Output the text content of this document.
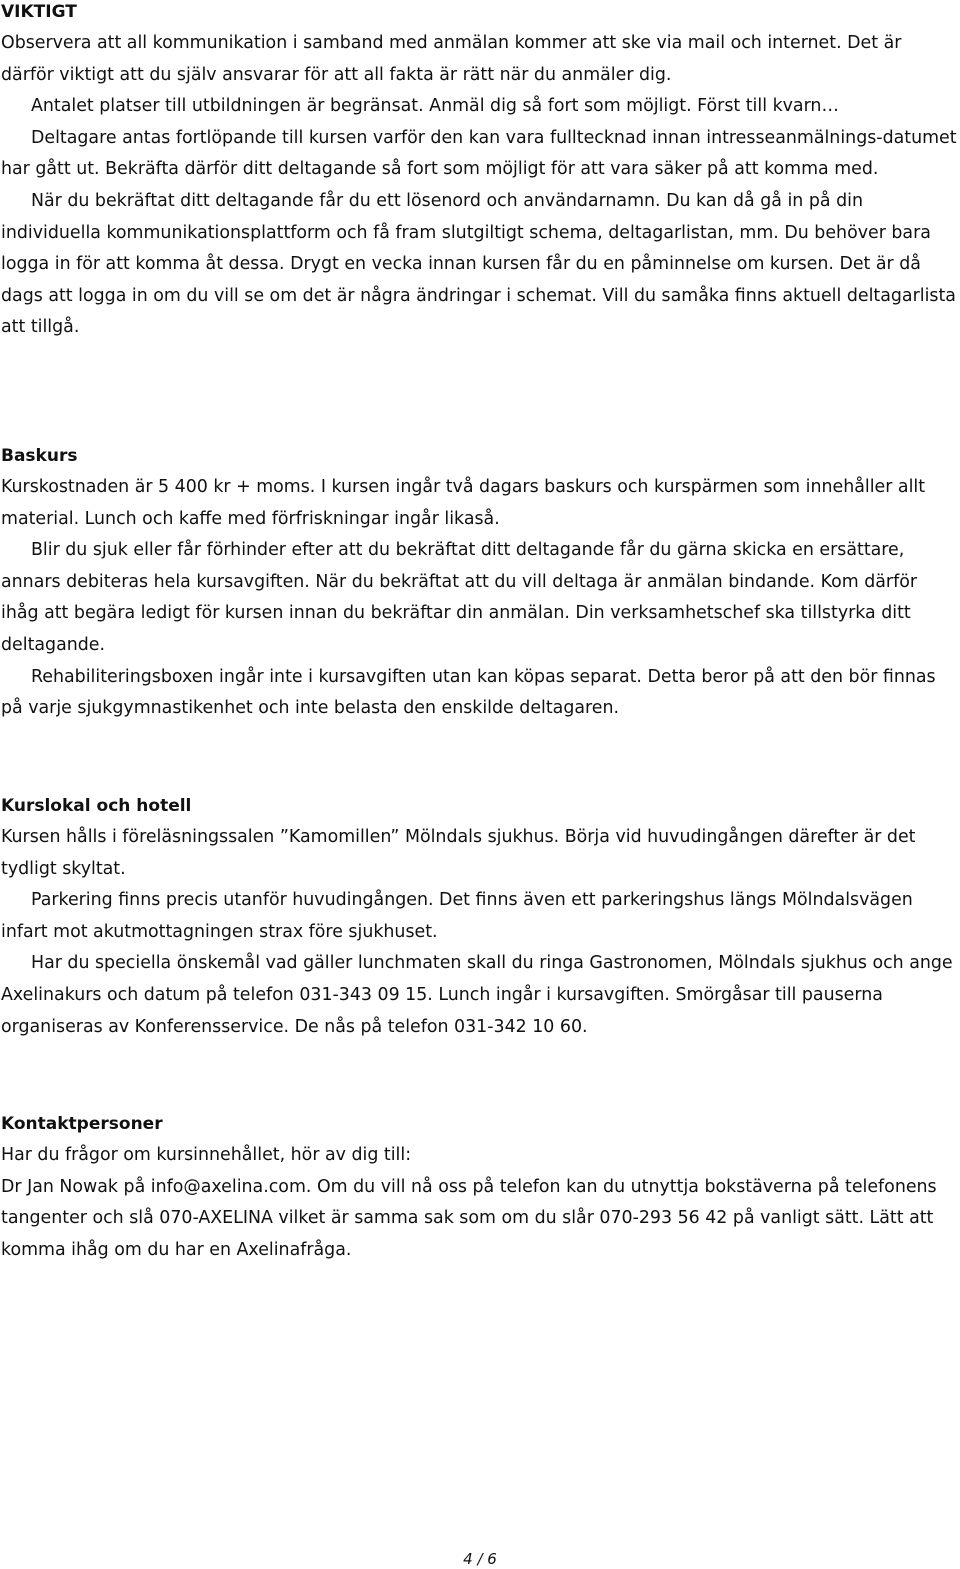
VIKTIGT

Observera att all kommunikation i samband med anmälan kommer att ske via mail och internet. Det är därför viktigt att du själv ansvarar för att all fakta är rätt när du anmäler dig.

Antalet platser till utbildningen är begränsat. Anmäl dig så fort som möjligt. Först till kvarn…

Deltagare antas fortlöpande till kursen varför den kan vara fulltecknad innan intresseanmälnings-datumet har gått ut. Bekräfta därför ditt deltagande så fort som möjligt för att vara säker på att komma med.

När du bekräftat ditt deltagande får du ett lösenord och användarnamn. Du kan då gå in på din individuella kommunikationsplattform och få fram slutgiltigt schema, deltagarlistan, mm. Du behöver bara logga in för att komma åt dessa. Drygt en vecka innan kursen får du en påminnelse om kursen. Det är då dags att logga in om du vill se om det är några ändringar i schemat. Vill du samåka finns aktuell deltagarlista att tillgå.

Baskurs

Kurskostnaden är 5 400 kr + moms. I kursen ingår två dagars baskurs och kurspärmen som innehåller allt material. Lunch och kaffe med förfriskningar ingår likaså.

Blir du sjuk eller får förhinder efter att du bekräftat ditt deltagande får du gärna skicka en ersättare, annars debiteras hela kursavgiften. När du bekräftat att du vill deltaga är anmälan bindande. Kom därför ihåg att begära ledigt för kursen innan du bekräftar din anmälan. Din verksamhetschef ska tillstyrka ditt deltagande.

Rehabiliteringsboxen ingår inte i kursavgiften utan kan köpas separat. Detta beror på att den bör finnas på varje sjukgymnastikenhet och inte belasta den enskilde deltagaren.

Kurslokal och hotell

Kursen hålls i föreläsningssalen ”Kamomillen” Mölndals sjukhus. Börja vid huvudingången därefter är det tydligt skyltat.

Parkering finns precis utanför huvudingången. Det finns även ett parkeringshus längs Mölndalsvägen infart mot akutmottagningen strax före sjukhuset.

Har du speciella önskemål vad gäller lunchmaten skall du ringa Gastronomen, Mölndals sjukhus och ange Axelinakurs och datum på telefon 031-343 09 15. Lunch ingår i kursavgiften. Smörgåsar till pauserna organiseras av Konferensservice. De nås på telefon 031-342 10 60.

Kontaktpersoner

Har du frågor om kursinnehållet, hör av dig till:

Dr Jan Nowak på info@axelina.com. Om du vill nå oss på telefon kan du utnyttja bokstäverna på telefonens tangenter och slå 070-AXELINA vilket är samma sak som om du slår 070-293 56 42 på vanligt sätt. Lätt att komma ihåg om du har en Axelinafråga.

4 / 6
